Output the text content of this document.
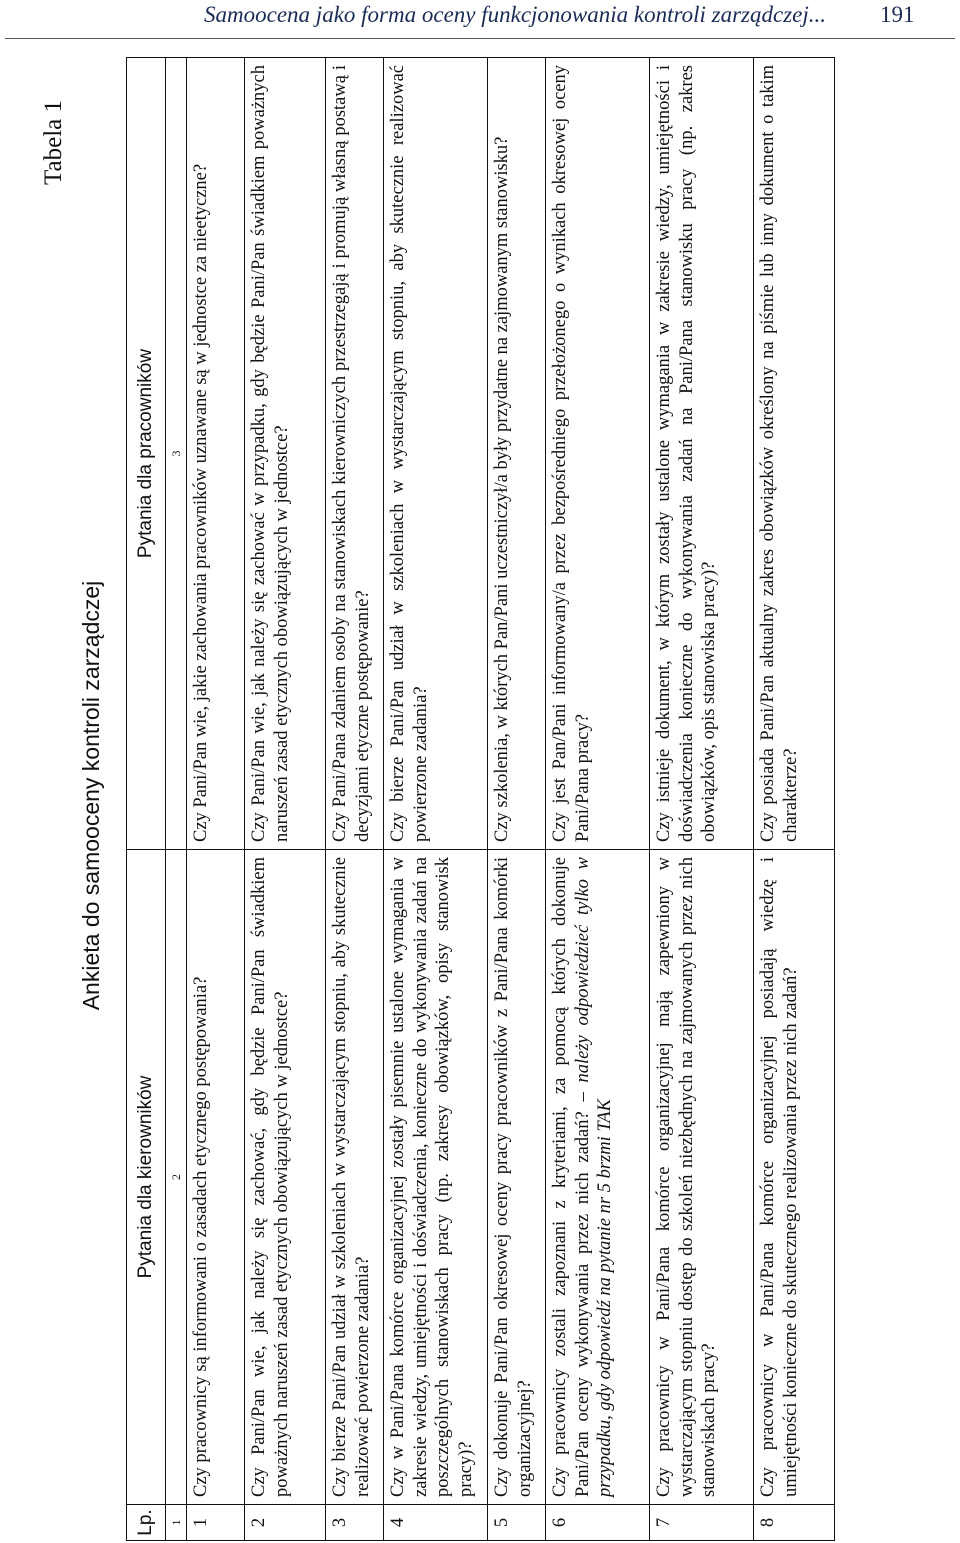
Samoocena jako forma oceny funkcjonowania kontroli zarządczej... 191
Tabela 1
Ankieta do samooceny kontroli zarządczej
Lp.	Pytania dla kierowników	Pytania dla pracowników
1	2	3
1	Czy pracownicy są informowani o zasadach etycznego postępowania?	Czy Pani/Pan wie, jakie zachowania pracowników uznawane są w jednostce za nieetyczne?
2	Czy Pani/Pan wie, jak należy się zachować, gdy będzie Pani/Pan świadkiem poważnych naruszeń zasad etycznych obowiązujących w jednostce?	Czy Pani/Pan wie, jak należy się zachować w przypadku, gdy będzie Pani/Pan świadkiem poważnych naruszeń zasad etycznych obowiązujących w jednostce?
3	Czy bierze Pani/Pan udział w szkoleniach w wystarczającym stopniu, aby skutecznie realizować powierzone zadania?	Czy Pani/Pana zdaniem osoby na stanowiskach kierowniczych przestrzegają i promują własną postawą i decyzjami etyczne postępowanie?
4	Czy w Pani/Pana komórce organizacyjnej zostały pisemnie ustalone wymagania w zakresie wiedzy, umiejętności i doświadczenia, konieczne do wykonywania zadań na poszczególnych stanowiskach pracy (np. zakresy obowiązków, opisy stanowisk pracy)?	Czy bierze Pani/Pan udział w szkoleniach w wystarczającym stopniu, aby skutecznie realizować powierzone zadania?
5	Czy dokonuje Pani/Pan okresowej oceny pracy pracowników z Pani/Pana komórki organizacyjnej?	Czy szkolenia, w których Pan/Pani uczestniczył/a były przydatne na zajmowanym stanowisku?
6	Czy pracownicy zostali zapoznani z kryteriami, za pomocą których dokonuje Pani/Pan oceny wykonywania przez nich zadań? – należy odpowiedzieć tylko w przypadku, gdy odpowiedź na pytanie nr 5 brzmi TAK	Czy jest Pan/Pani informowany/a przez bezpośredniego przełożonego o wynikach okresowej oceny Pani/Pana pracy?
7	Czy pracownicy w Pani/Pana komórce organizacyjnej mają zapewniony w wystarczającym stopniu dostęp do szkoleń niezbędnych na zajmowanych przez nich stanowiskach pracy?	Czy istnieje dokument, w którym zostały ustalone wymagania w zakresie wiedzy, umiejętności i doświadczenia konieczne do wykonywania zadań na Pani/Pana stanowisku pracy (np. zakres obowiązków, opis stanowiska pracy)?
8	Czy pracownicy w Pani/Pana komórce organizacyjnej posiadają wiedzę i umiejętności konieczne do skutecznego realizowania przez nich zadań?	Czy posiada Pani/Pan aktualny zakres obowiązków określony na piśmie lub inny dokument o takim charakterze?
